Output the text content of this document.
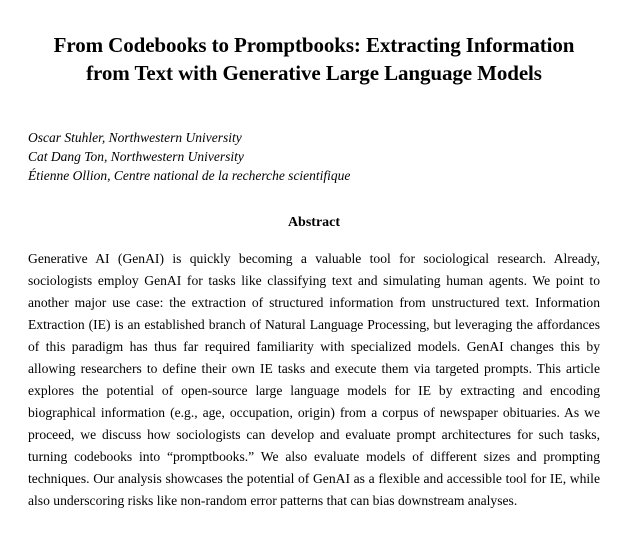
From Codebooks to Promptbooks: Extracting Information
from Text with Generative Large Language Models
Oscar Stuhler, Northwestern University
Cat Dang Ton, Northwestern University
Étienne Ollion, Centre national de la recherche scientifique
Abstract

Generative AI (GenAI) is quickly becoming a valuable tool for sociological research. Already, sociologists employ GenAI for tasks like classifying text and simulating human agents. We point to another major use case: the extraction of structured information from unstructured text. Information Extraction (IE) is an established branch of Natural Language Processing, but leveraging the affordances of this paradigm has thus far required familiarity with specialized models. GenAI changes this by allowing researchers to define their own IE tasks and execute them via targeted prompts. This article explores the potential of open-source large language models for IE by extracting and encoding biographical information (e.g., age, occupation, origin) from a corpus of newspaper obituaries. As we proceed, we discuss how sociologists can develop and evaluate prompt architectures for such tasks, turning codebooks into “promptbooks.” We also evaluate models of different sizes and prompting techniques. Our analysis showcases the potential of GenAI as a flexible and accessible tool for IE, while also underscoring risks like non-random error patterns that can bias downstream analyses.
